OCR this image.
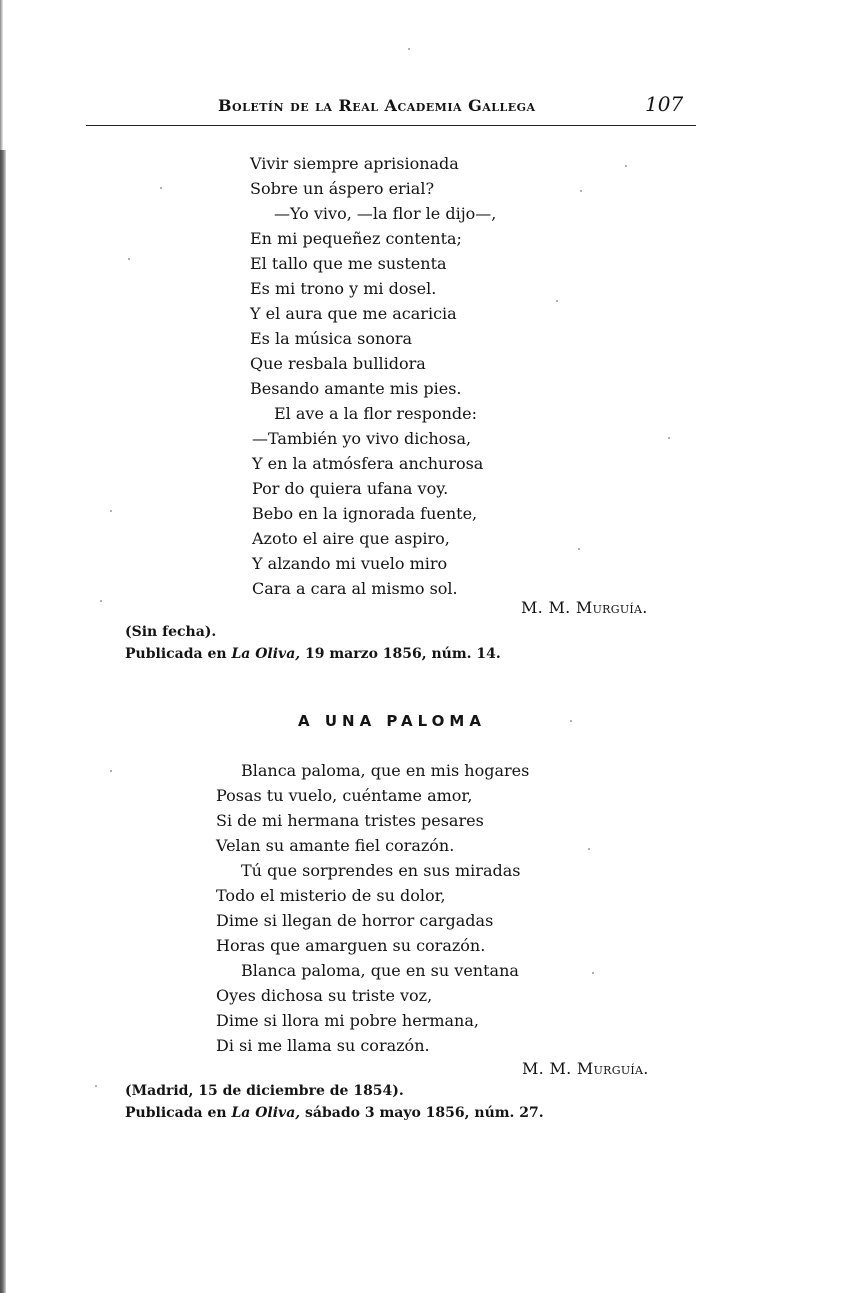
Boletín de la Real Academia Gallega	107
Vivir siempre aprisionada
Sobre un áspero erial?
—Yo vivo, —la flor le dijo—,
En mi pequeñez contenta;
El tallo que me sustenta
Es mi trono y mi dosel.
Y el aura que me acaricia
Es la música sonora
Que resbala bullidora
Besando amante mis pies.
El ave a la flor responde:
—También yo vivo dichosa,
Y en la atmósfera anchurosa
Por do quiera ufana voy.
Bebo en la ignorada fuente,
Azoto el aire que aspiro,
Y alzando mi vuelo miro
Cara a cara al mismo sol.
M. M. Murguía.
(Sin fecha).
Publicada en La Oliva, 19 marzo 1856, núm. 14.
A UNA PALOMA
Blanca paloma, que en mis hogares
Posas tu vuelo, cuéntame amor,
Si de mi hermana tristes pesares
Velan su amante fiel corazón.
Tú que sorprendes en sus miradas
Todo el misterio de su dolor,
Dime si llegan de horror cargadas
Horas que amarguen su corazón.
Blanca paloma, que en su ventana
Oyes dichosa su triste voz,
Dime si llora mi pobre hermana,
Di si me llama su corazón.
M. M. Murguía.
(Madrid, 15 de diciembre de 1854).
Publicada en La Oliva, sábado 3 mayo 1856, núm. 27.
